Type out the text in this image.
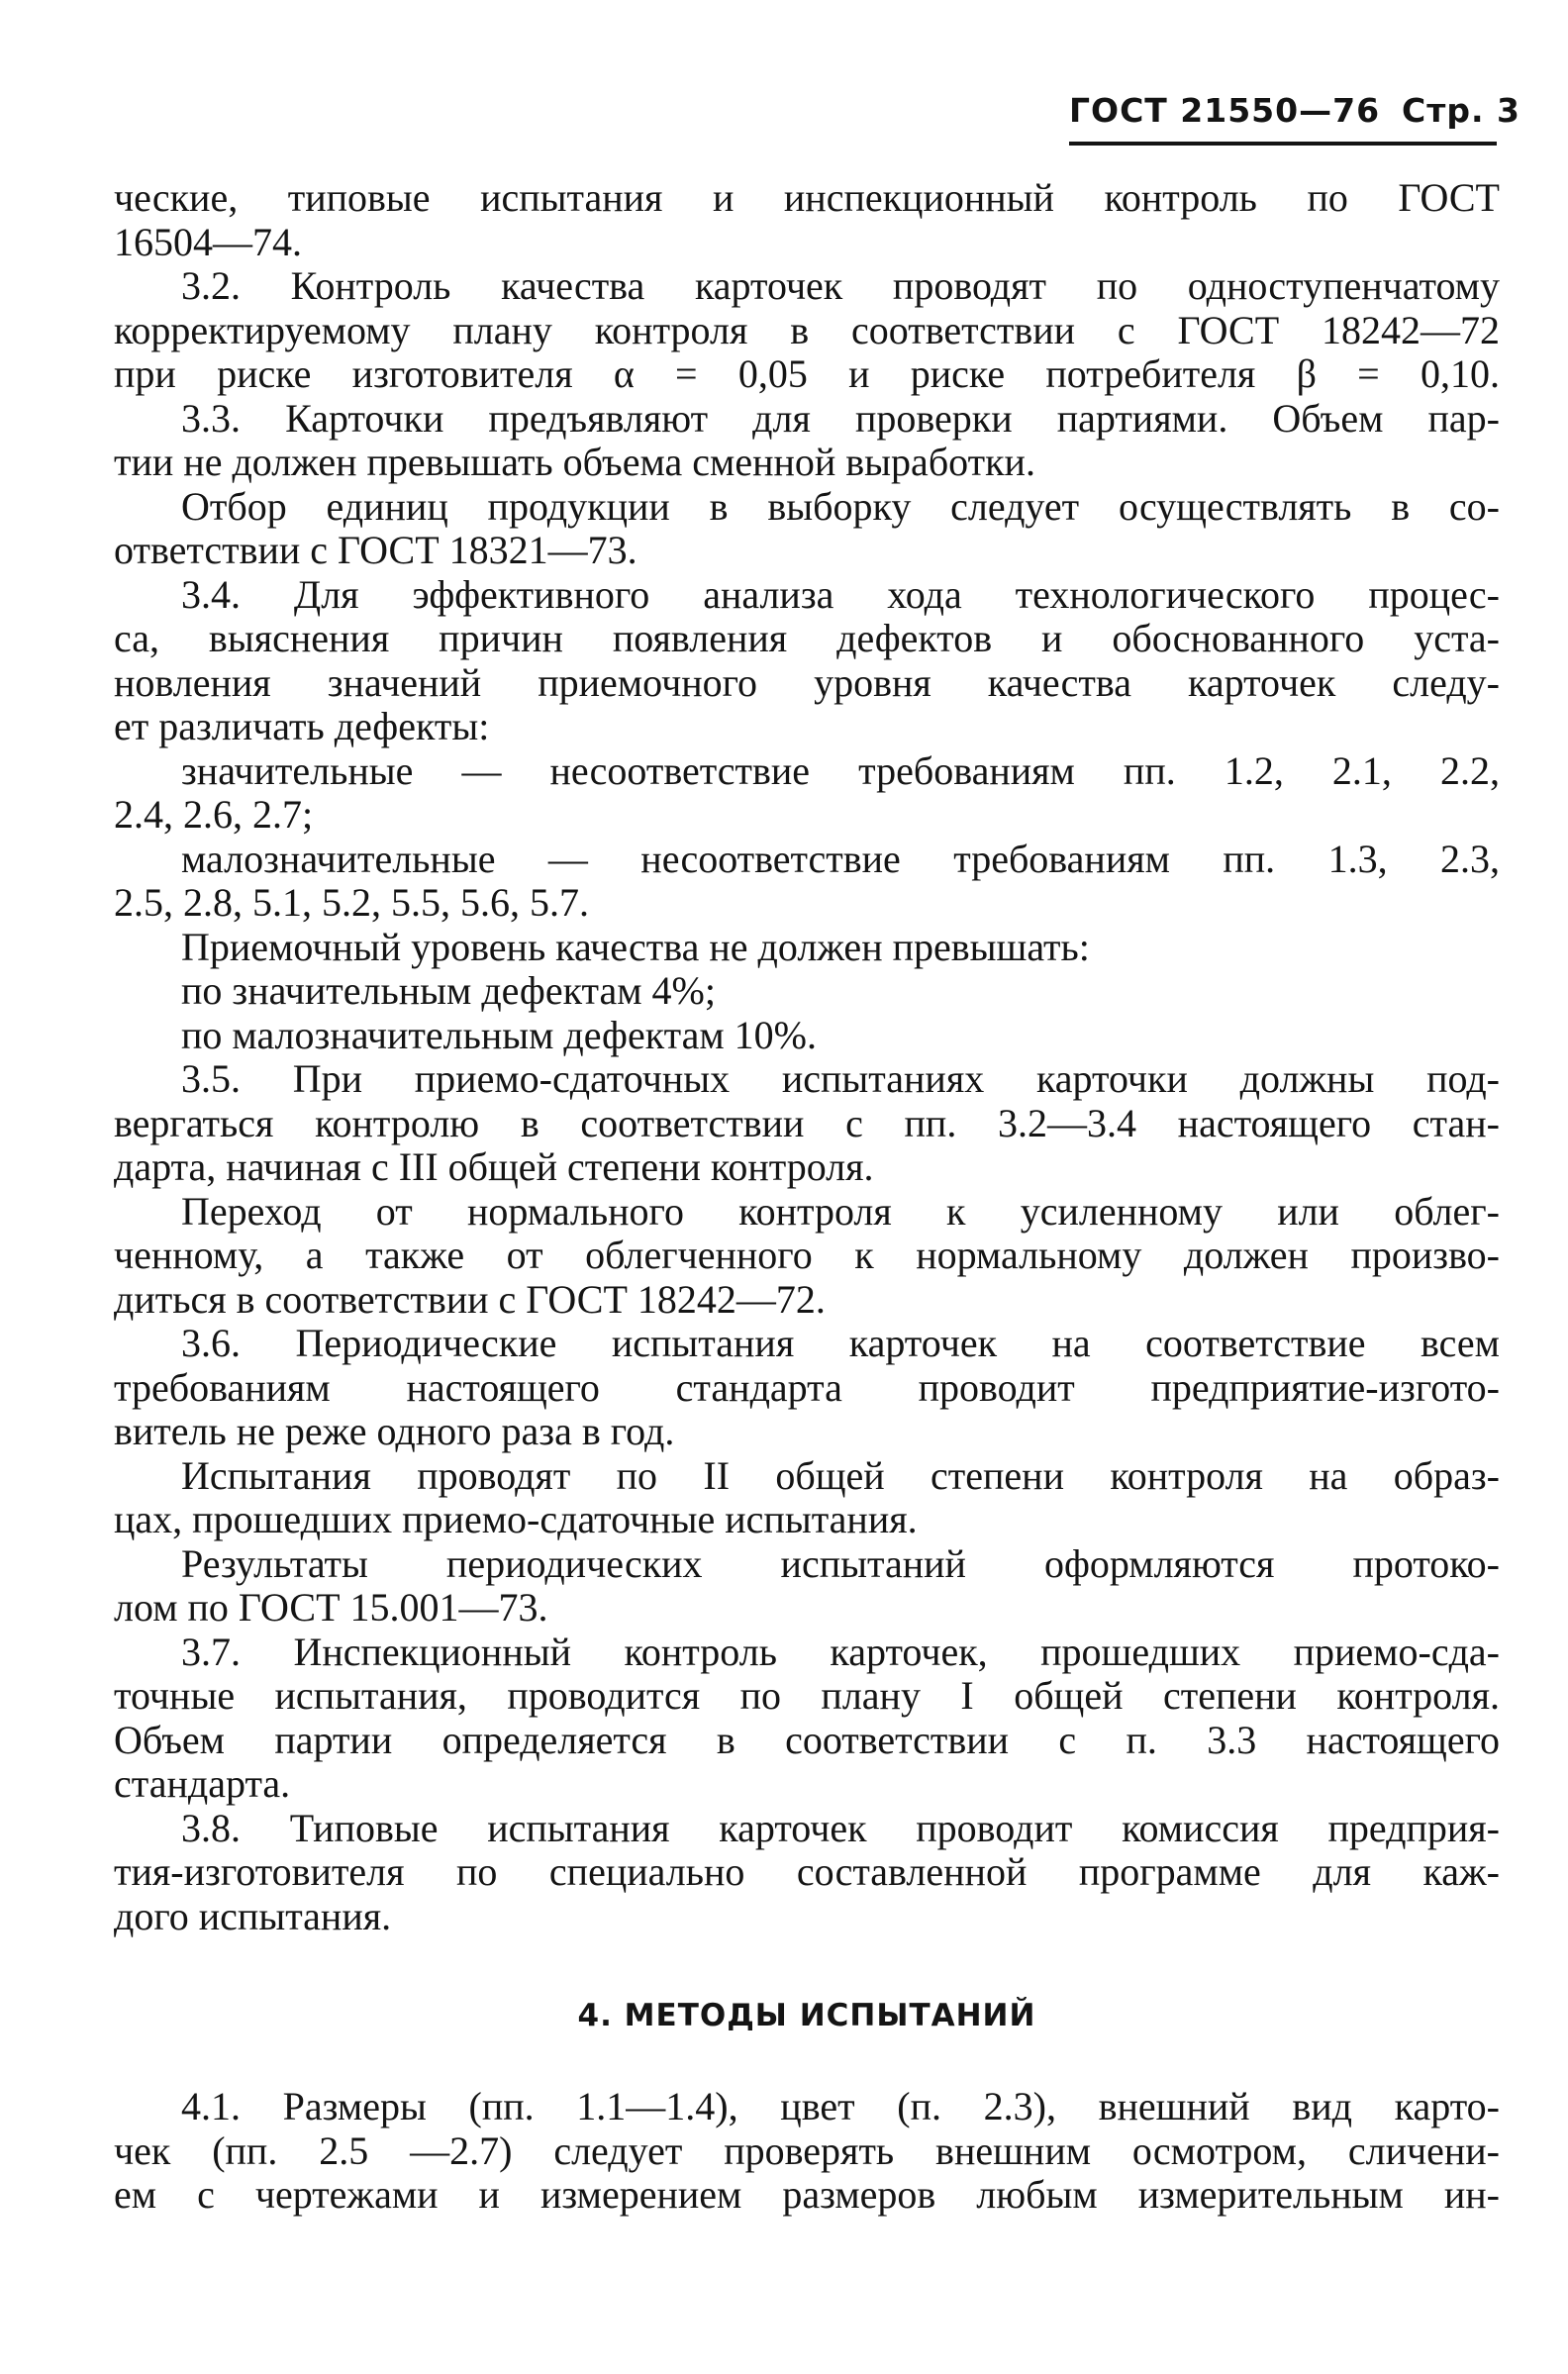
ГОСТ 21550—76 Стр. 3
ческие, типовые испытания и инспекционный контроль по ГОСТ
16504—74.
3.2. Контроль качества карточек проводят по одноступенчатому
корректируемому плану контроля в соответствии с ГОСТ 18242—72
при риске изготовителя α = 0,05 и риске потребителя β = 0,10.
3.3. Карточки предъявляют для проверки партиями. Объем пар-
тии не должен превышать объема сменной выработки.
Отбор единиц продукции в выборку следует осуществлять в со-
ответствии с ГОСТ 18321—73.
3.4. Для эффективного анализа хода технологического процес-
са, выяснения причин появления дефектов и обоснованного уста-
новления значений приемочного уровня качества карточек следу-
ет различать дефекты:
значительные — несоответствие требованиям пп. 1.2, 2.1, 2.2,
2.4, 2.6, 2.7;
малозначительные — несоответствие требованиям пп. 1.3, 2.3,
2.5, 2.8, 5.1, 5.2, 5.5, 5.6, 5.7.
Приемочный уровень качества не должен превышать:
по значительным дефектам 4%;
по малозначительным дефектам 10%.
3.5. При приемо-сдаточных испытаниях карточки должны под-
вергаться контролю в соответствии с пп. 3.2—3.4 настоящего стан-
дарта, начиная с III общей степени контроля.
Переход от нормального контроля к усиленному или облег-
ченному, а также от облегченного к нормальному должен произво-
диться в соответствии с ГОСТ 18242—72.
3.6. Периодические испытания карточек на соответствие всем
требованиям настоящего стандарта проводит предприятие-изгото-
витель не реже одного раза в год.
Испытания проводят по II общей степени контроля на образ-
цах, прошедших приемо-сдаточные испытания.
Результаты периодических испытаний оформляются протоко-
лом по ГОСТ 15.001—73.
3.7. Инспекционный контроль карточек, прошедших приемо-сда-
точные испытания, проводится по плану I общей степени контроля.
Объем партии определяется в соответствии с п. 3.3 настоящего
стандарта.
3.8. Типовые испытания карточек проводит комиссия предприя-
тия-изготовителя по специально составленной программе для каж-
дого испытания.
4. МЕТОДЫ ИСПЫТАНИЙ
4.1. Размеры (пп. 1.1—1.4), цвет (п. 2.3), внешний вид карто-
чек (пп. 2.5 —2.7) следует проверять внешним осмотром, сличени-
ем с чертежами и измерением размеров любым измерительным ин-
